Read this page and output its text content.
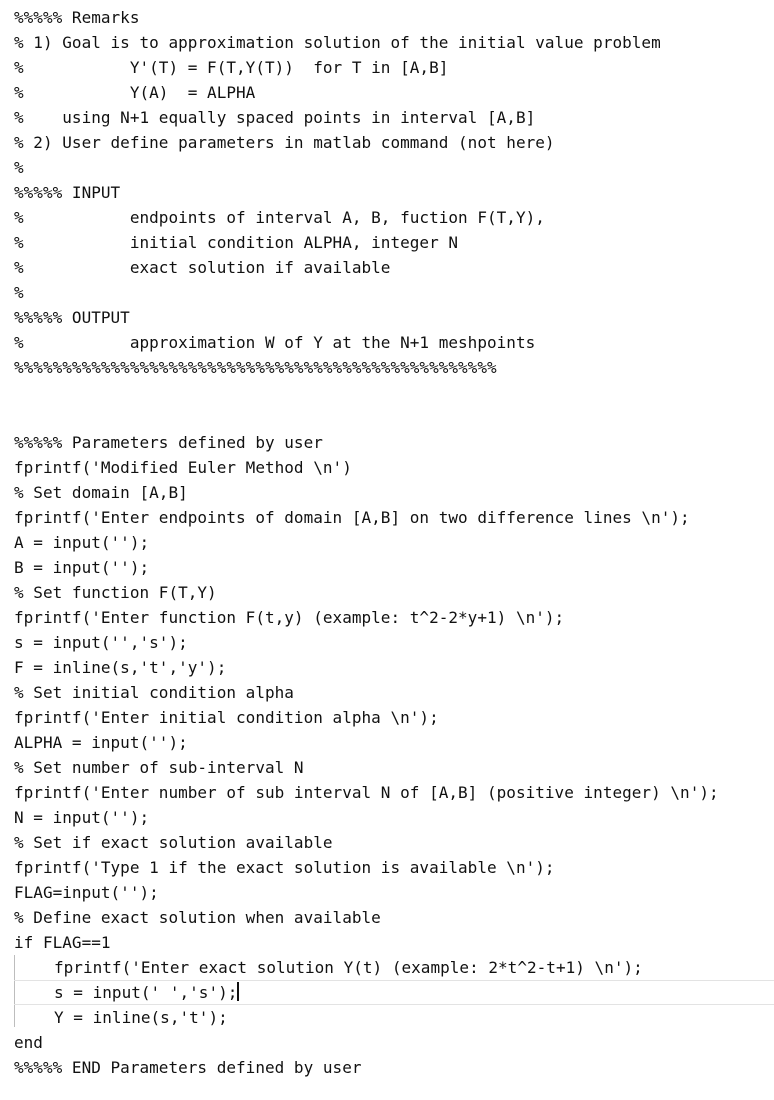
%%%%% Remarks
% 1) Goal is to approximation solution of the initial value problem
%           Y'(T) = F(T,Y(T))  for T in [A,B]
%           Y(A)  = ALPHA
%    using N+1 equally spaced points in interval [A,B]
% 2) User define parameters in matlab command (not here)
%
%%%%% INPUT
%           endpoints of interval A, B, fuction F(T,Y),
%           initial condition ALPHA, integer N
%           exact solution if available
%
%%%%% OUTPUT
%           approximation W of Y at the N+1 meshpoints
%%%%%%%%%%%%%%%%%%%%%%%%%%%%%%%%%%%%%%%%%%%%%%%%%%
%%%%% Parameters defined by user
fprintf('Modified Euler Method \n')
% Set domain [A,B]
fprintf('Enter endpoints of domain [A,B] on two difference lines \n');
A = input('');
B = input('');
% Set function F(T,Y)
fprintf('Enter function F(t,y) (example: t^2-2*y+1) \n');
s = input('','s');
F = inline(s,'t','y');
% Set initial condition alpha
fprintf('Enter initial condition alpha \n');
ALPHA = input('');
% Set number of sub-interval N
fprintf('Enter number of sub interval N of [A,B] (positive integer) \n');
N = input('');
% Set if exact solution available
fprintf('Type 1 if the exact solution is available \n');
FLAG=input('');
% Define exact solution when available
if FLAG==1
fprintf('Enter exact solution Y(t) (example: 2*t^2-t+1) \n');
s = input(' ','s');
Y = inline(s,'t');
end
%%%%% END Parameters defined by user
